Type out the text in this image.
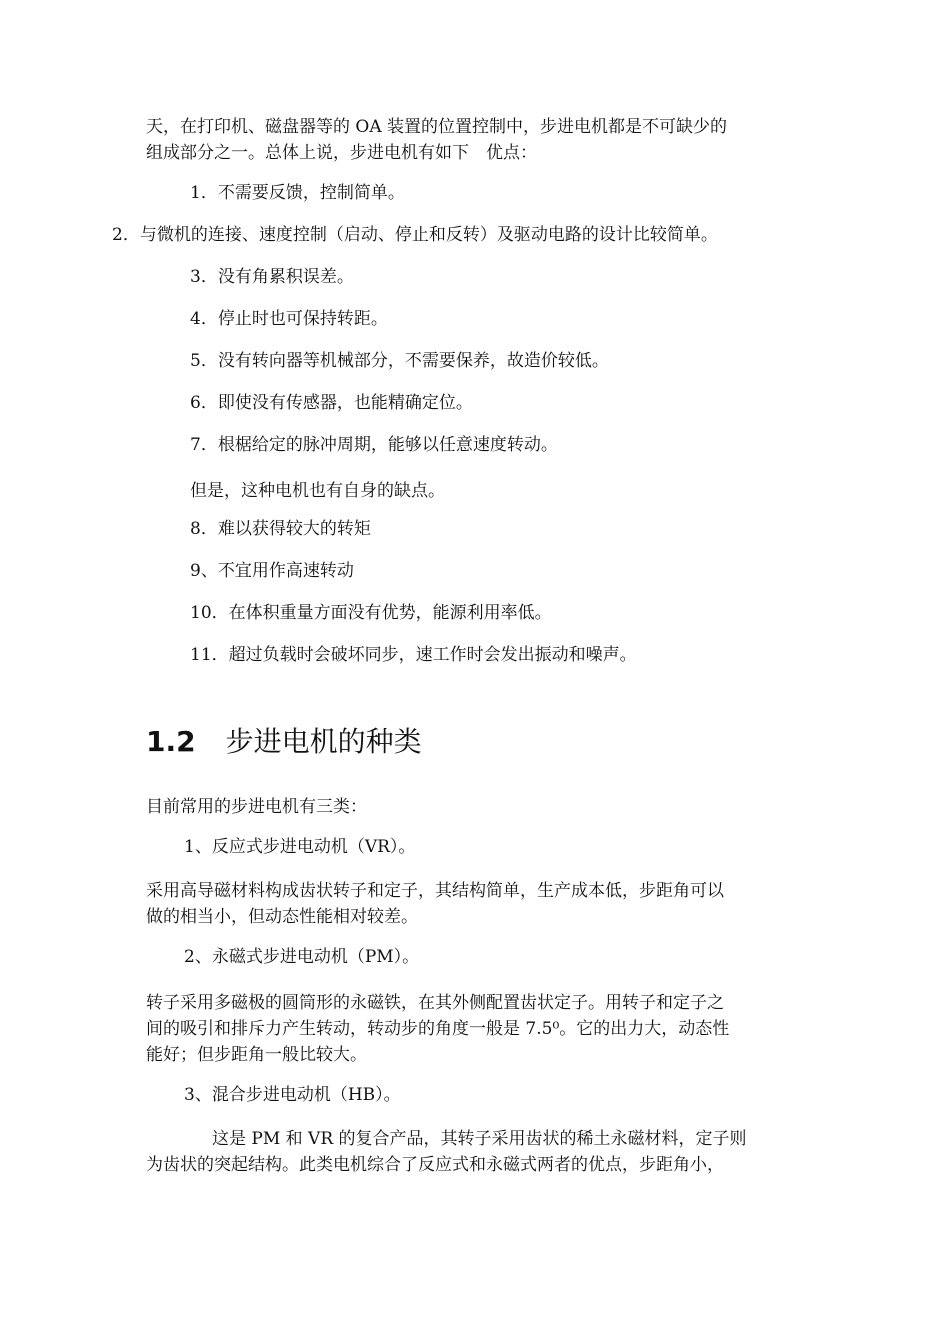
天，在打印机、磁盘器等的 OA 装置的位置控制中，步进电机都是不可缺少的
组成部分之一。总体上说，步进电机有如下　优点：
1．不需要反馈，控制简单。
2．与微机的连接、速度控制（启动、停止和反转）及驱动电路的设计比较简单。
3．没有角累积误差。
4．停止时也可保持转距。
5．没有转向器等机械部分，不需要保养，故造价较低。
6．即使没有传感器，也能精确定位。
7．根椐给定的脉冲周期，能够以任意速度转动。
但是，这种电机也有自身的缺点。
8．难以获得较大的转矩
9、不宜用作高速转动
10．在体积重量方面没有优势，能源利用率低。
11．超过负载时会破坏同步，速工作时会发出振动和噪声。
1.2 步进电机的种类
目前常用的步进电机有三类：
1、反应式步进电动机（VR）。
采用高导磁材料构成齿状转子和定子，其结构简单，生产成本低，步距角可以
做的相当小，但动态性能相对较差。
2、永磁式步进电动机（PM）。
转子采用多磁极的圆筒形的永磁铁，在其外侧配置齿状定子。用转子和定子之
间的吸引和排斥力产生转动，转动步的角度一般是 7.5⁰。它的出力大，动态性
能好；但步距角一般比较大。
3、混合步进电动机（HB）。
这是 PM 和 VR 的复合产品，其转子采用齿状的稀土永磁材料，定子则
为齿状的突起结构。此类电机综合了反应式和永磁式两者的优点，步距角小，
